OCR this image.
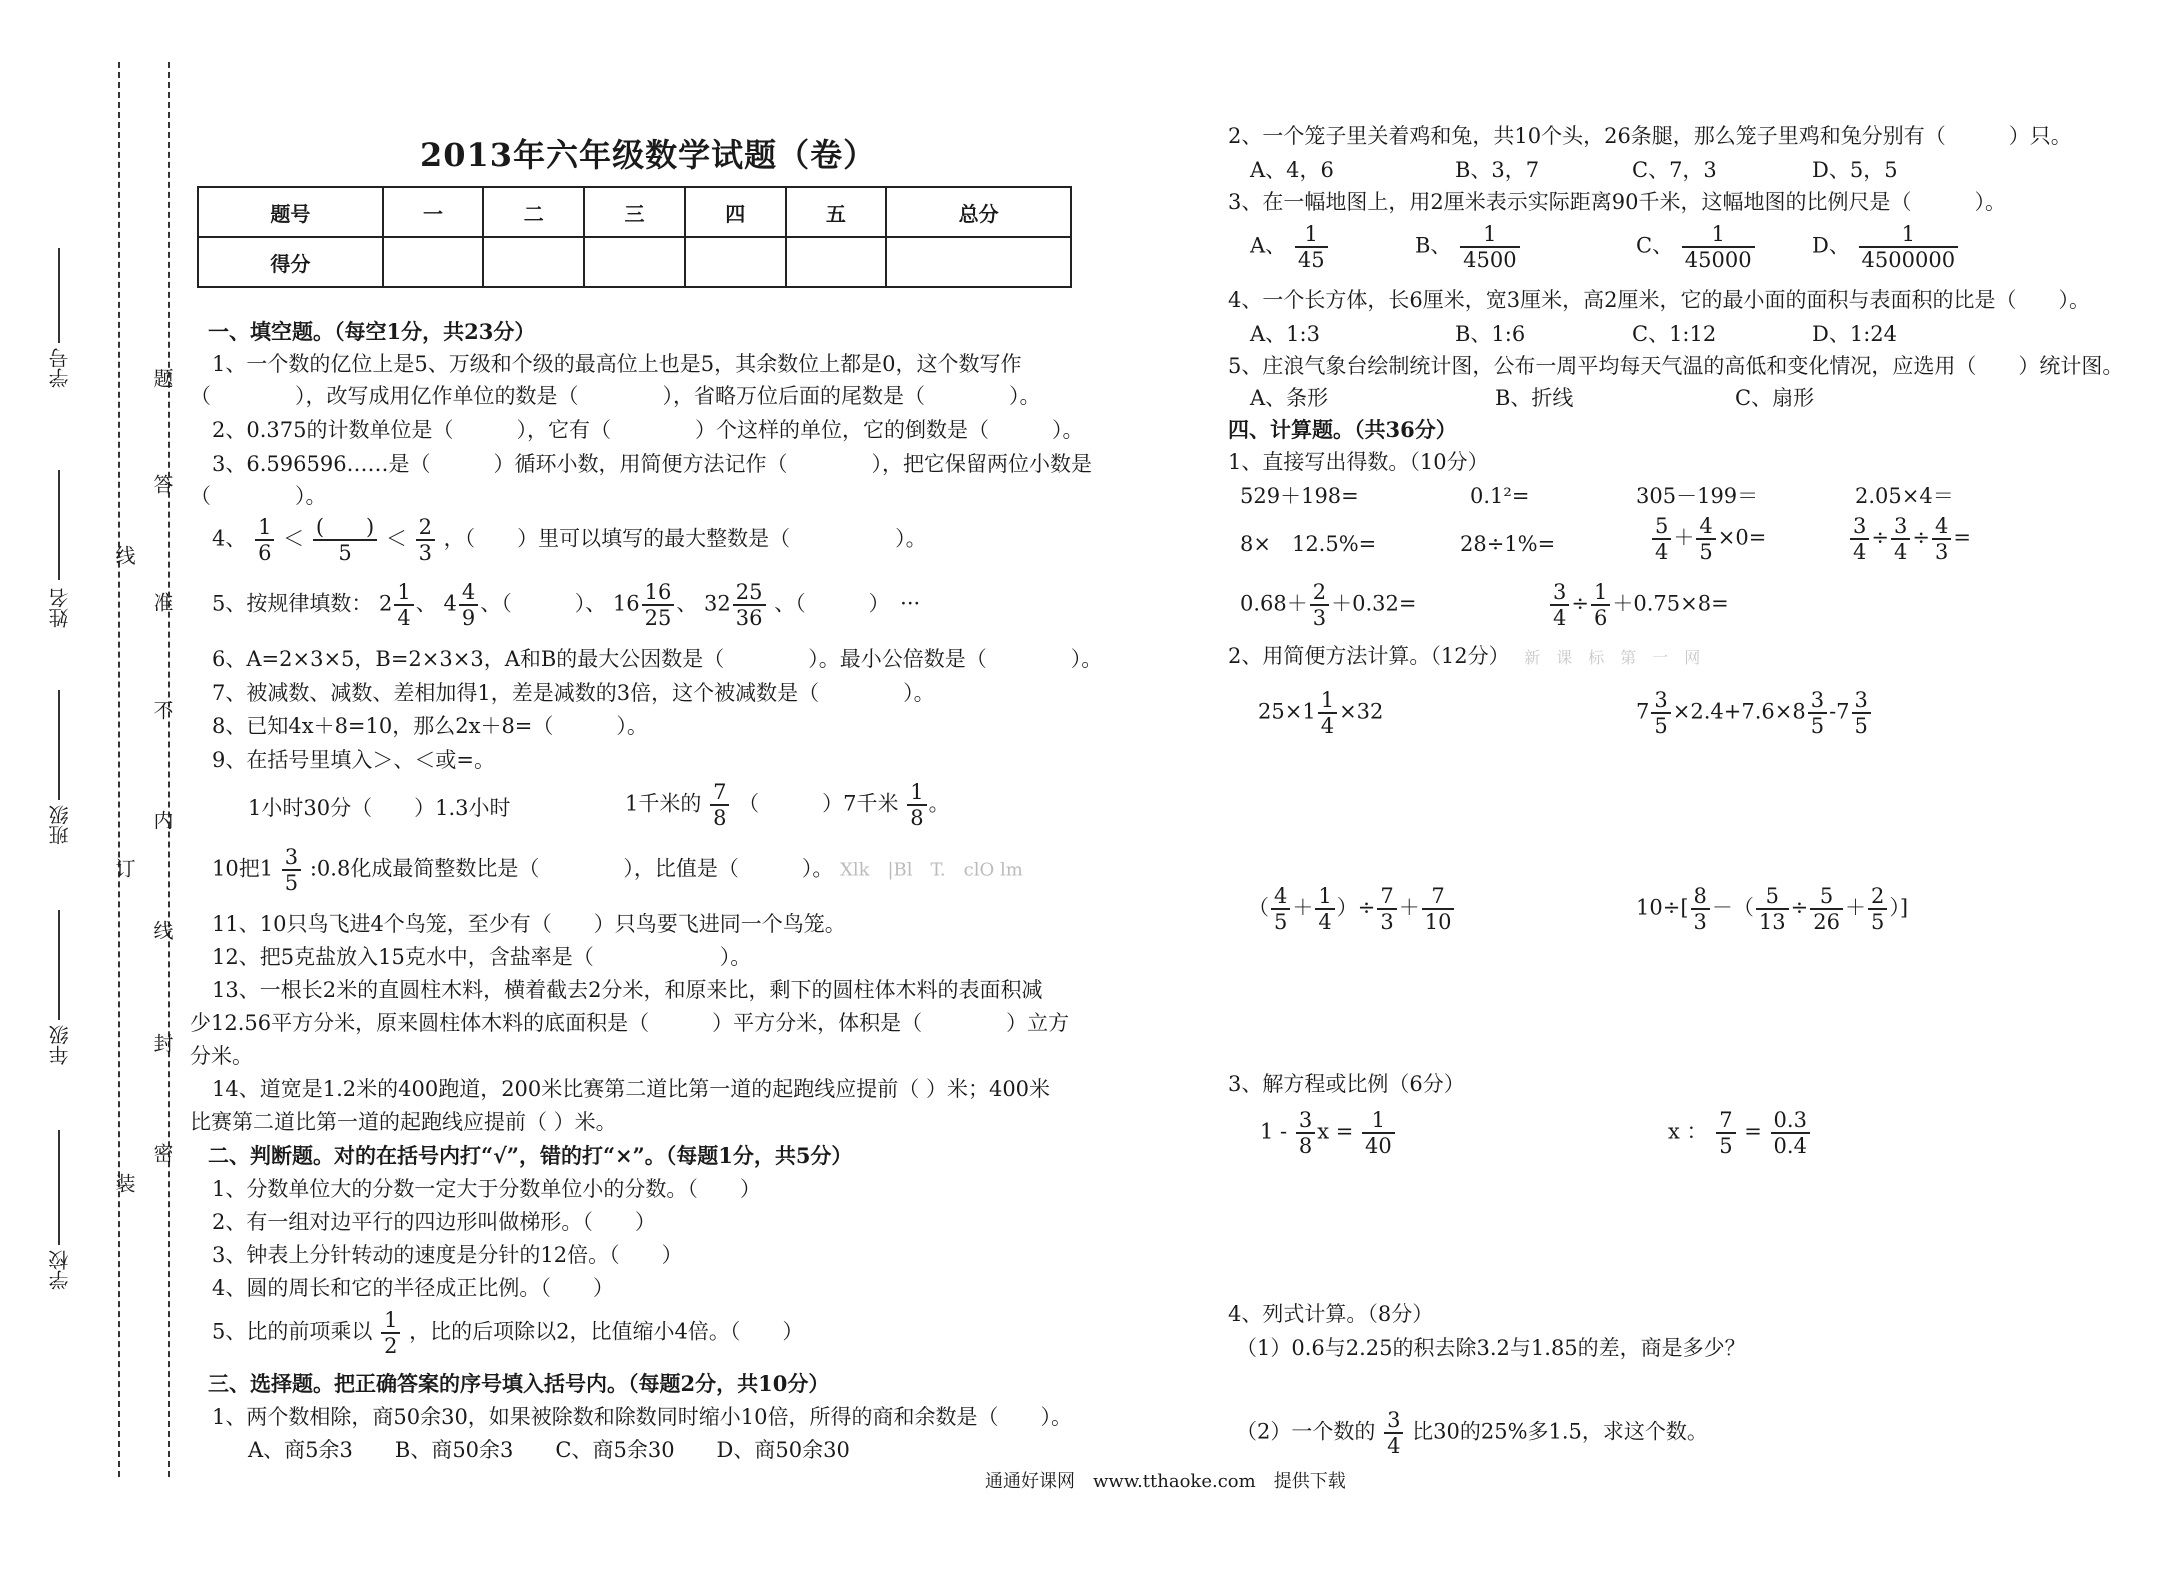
学号
姓名
班级
年级
学校
题
答
准
不
内
线
封
密
线
订
装
2013年六年级数学试题（卷）
题号	一	二	三	四	五	总分
得分						
一、填空题。（每空1分，共23分）
1、一个数的亿位上是5、万级和个级的最高位上也是5，其余数位上都是0，这个数写作
（　　　　），改写成用亿作单位的数是（　　　　），省略万位后面的尾数是（　　　　）。
2、0.375的计数单位是（　　　），它有（　　　　）个这样的单位，它的倒数是（　　　）。
3、6.596596……是（　　　）循环小数，用简便方法记作（　　　　），把它保留两位小数是
（　　　　）。
4、 $\frac{1}{6} < \frac{( )}{5} < \frac{2}{3}$ ，（　　）里可以填写的最大整数是（　　　　　）。
5、按规律填数： $2 \frac{1}{4}$ 、 $4 \frac{4}{9}$ 、（　　　）、 $16 \frac{16}{25}$ 、 $32 \frac{25}{36}$ 、（　　　）　···
6、A=2×3×5，B=2×3×3，A和B的最大公因数是（　　　　）。最小公倍数是（　　　　）。
7、被减数、减数、差相加得1，差是减数的3倍，这个被减数是（　　　　）。
8、已知4x＋8=10，那么2x＋8=（　　　）。
9、在括号里填入＞、＜或=。
1小时30分（　　）1.3小时	1千米的 $\frac{7}{8}$ （　　　）7千米 $\frac{1}{8}$ 。
10把$1 \frac{3}{5}$ :0.8化成最简整数比是（　　　　），比值是（　　　）。 Xlk　|Bl　T.　clO lm
11、10只鸟飞进4个鸟笼，至少有（　　）只鸟要飞进同一个鸟笼。
12、把5克盐放入15克水中，含盐率是（　　　　　　）。
13、一根长2米的直圆柱木料，横着截去2分米，和原来比，剩下的圆柱体木料的表面积减
少12.56平方分米，原来圆柱体木料的底面积是（　　　）平方分米，体积是（　　　　）立方
分米。
14、道宽是1.2米的400跑道，200米比赛第二道比第一道的起跑线应提前（ ）米；400米
比赛第二道比第一道的起跑线应提前（ ）米。
二、判断题。对的在括号内打“√”，错的打“×”。（每题1分，共5分）
1、分数单位大的分数一定大于分数单位小的分数。（　　）
2、有一组对边平行的四边形叫做梯形。（　　）
3、钟表上分针转动的速度是分针的12倍。（　　）
4、圆的周长和它的半径成正比例。（　　）
5、比的前项乘以 $\frac{1}{2}$ ，比的后项除以2，比值缩小4倍。（　　）
三、选择题。把正确答案的序号填入括号内。（每题2分，共10分）
1、两个数相除，商50余30，如果被除数和除数同时缩小10倍，所得的商和余数是（　　）。
A、商5余3　　B、商50余3　　C、商5余30　　D、商50余30
2、一个笼子里关着鸡和兔，共10个头，26条腿，那么笼子里鸡和兔分别有（　　　）只。
A、4，6	B、3，7	C、7，3	D、5，5
3、在一幅地图上，用2厘米表示实际距离90千米，这幅地图的比例尺是（　　　）。
A、 $\frac{1}{45}$	B、 $\frac{1}{4500}$	C、 $\frac{1}{45000}$	D、 $\frac{1}{4500000}$
4、一个长方体，长6厘米，宽3厘米，高2厘米，它的最小面的面积与表面积的比是（　　）。
A、1:3	B、1:6	C、1:12	D、1:24
5、庄浪气象台绘制统计图，公布一周平均每天气温的高低和变化情况，应选用（　　）统计图。
A、条形	B、折线	C、扇形
四、计算题。（共36分）
1、直接写出得数。（10分）
529＋198=	0.1²=	305－199＝	2.05×4＝
8×　12.5%=	28÷1%=	$\frac{5}{4} + \frac{4}{5} \times 0=$	$\frac{3}{4} \div \frac{3}{4} \div \frac{4}{3}$ =
$0.68+ \frac{2}{3} +0.32=$	$\frac{3}{4} \div \frac{1}{6} +0.75\times 8=$
2、用简便方法计算。（12分） 新　课　标　第　一　网
$25\times 1 \frac{1}{4} \times 32$	$7 \frac{3}{5} \times 2.4+7.6\times 8 \frac{3}{5} -7 \frac{3}{5}$
（ $\frac{4}{5} + \frac{1}{4}$ ）÷ $\frac{7}{3} + \frac{7}{10}$	$10\div[ \frac{8}{3}$ －（ $\frac{5}{13} \div \frac{5}{26} + \frac{2}{5}$ ）]
3、解方程或比例（6分）
$1 - \frac{3}{8}$ $x = \frac{1}{40}$	x ： $\frac{7}{5} = \frac{0.3}{0.4}$
4、列式计算。（8分）
（1）0.6与2.25的积去除3.2与1.85的差，商是多少？
（2）一个数的 $\frac{3}{4}$ 比30的25%多1.5，求这个数。
通通好课网　www.tthaoke.com　提供下载
